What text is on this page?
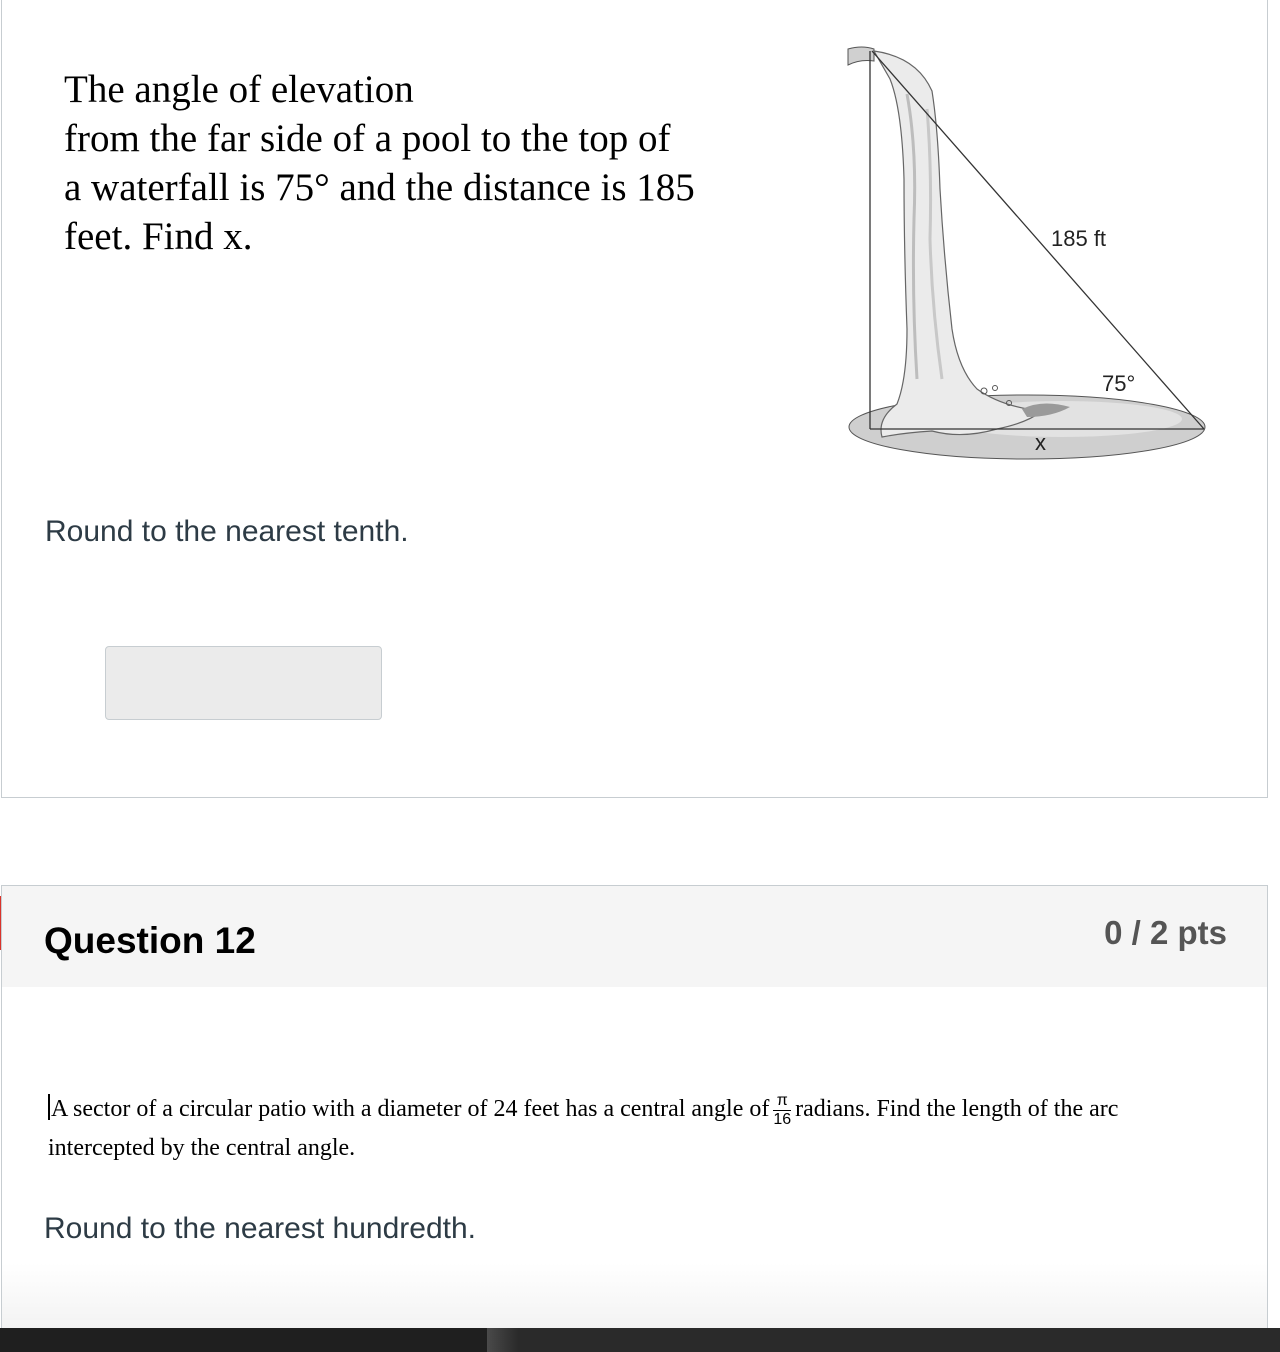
The angle of elevation
from the far side of a pool to the top of
a waterfall is 75° and the distance is 185
feet. Find x.	185 ft
75°
x
Round to the nearest tenth.
Question 12	0 / 2 pts
A sector of a circular patio with a diameter of 24 feet has a central angle of $\frac{\pi}{16}$ radians. Find the length of the arc
intercepted by the central angle.
Round to the nearest hundredth.
